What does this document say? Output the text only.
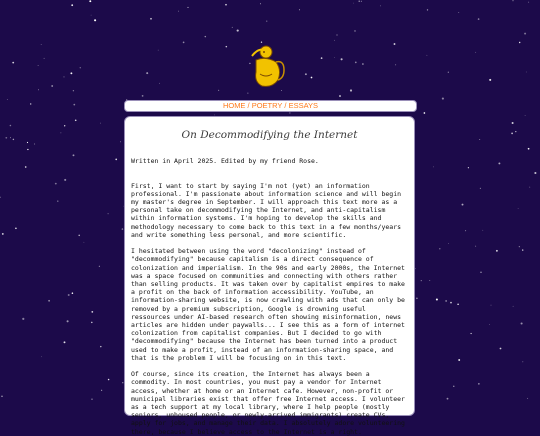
HOME / POETRY / ESSAYS
On Decommodifying the Internet

Written in April 2025. Edited by my friend Rose.

First, I want to start by saying I'm not (yet) an information professional. I'm passionate about information science and will begin my master's degree in September. I will approach this text more as a personal take on decommodifying the Internet, and anti-capitalism within information systems. I'm hoping to develop the skills and methodology necessary to come back to this text in a few months/years and write something less personal, and more scientific.

I hesitated between using the word "decolonizing" instead of "decommodifying" because capitalism is a direct consequence of colonization and imperialism. In the 90s and early 2000s, the Internet was a space focused on communities and connecting with others rather than selling products. It was taken over by capitalist empires to make a profit on the back of information accessibility. YouTube, an information-sharing website, is now crawling with ads that can only be removed by a premium subscription, Google is drowning useful ressources under AI-based research often showing misinformation, news articles are hidden under paywalls... I see this as a form of internet colonization from capitalist companies. But I decided to go with "decommodifying" because the Internet has been turned into a product used to make a profit, instead of an information-sharing space, and that is the problem I will be focusing on in this text.

Of course, since its creation, the Internet has always been a commodity. In most countries, you must pay a vendor for Internet access, whether at home or an Internet cafe. However, non-profit or municipal libraries exist that offer free Internet access. I volunteer as a tech support at my local library, where I help people (mostly seniors, unhoused people, or newly-arrived immigrants) create CVs, apply for jobs, and manage their data. I absolutely adore volunteering there, because I believe access to the Internet is a right.
